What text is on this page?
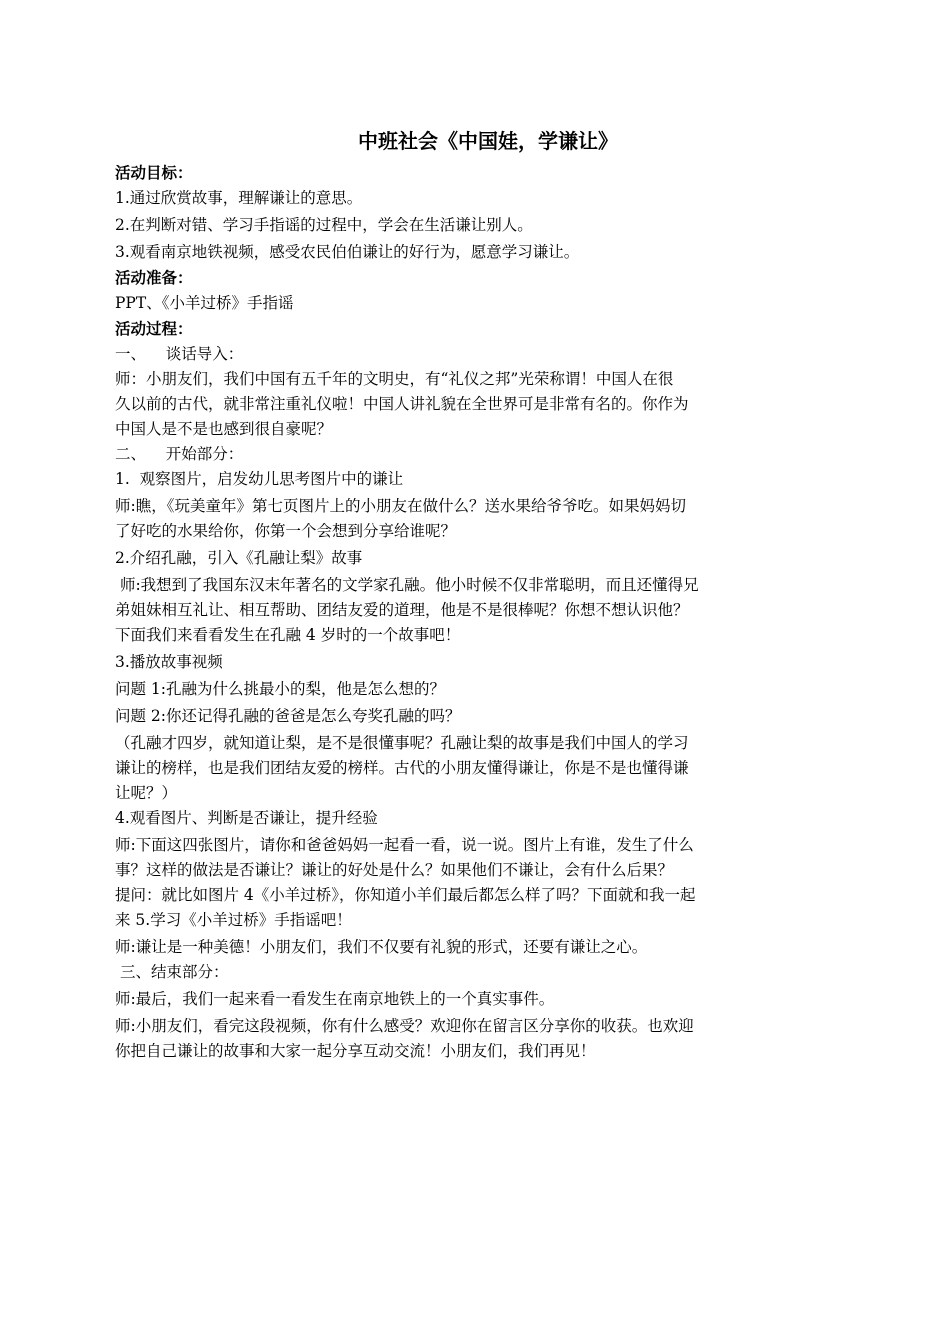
中班社会《中国娃，学谦让》

活动目标：

1.通过欣赏故事，理解谦让的意思。

2.在判断对错、学习手指谣的过程中，学会在生活谦让别人。

3.观看南京地铁视频，感受农民伯伯谦让的好行为，愿意学习谦让。

活动准备：

PPT、《小羊过桥》手指谣

活动过程：

一、    谈话导入：

师：小朋友们，我们中国有五千年的文明史，有“礼仪之邦”光荣称谓！中国人在很

久以前的古代，就非常注重礼仪啦！中国人讲礼貌在全世界可是非常有名的。你作为

中国人是不是也感到很自豪呢？

二、    开始部分：

1.  观察图片，启发幼儿思考图片中的谦让

师:瞧，《玩美童年》第七页图片上的小朋友在做什么？送水果给爷爷吃。如果妈妈切

了好吃的水果给你，你第一个会想到分享给谁呢？

2.介绍孔融，引入《孔融让梨》故事

师:我想到了我国东汉末年著名的文学家孔融。他小时候不仅非常聪明，而且还懂得兄

弟姐妹相互礼让、相互帮助、团结友爱的道理，他是不是很棒呢？你想不想认识他？

下面我们来看看发生在孔融 4 岁时的一个故事吧！

3.播放故事视频

问题 1:孔融为什么挑最小的梨，他是怎么想的？

问题 2:你还记得孔融的爸爸是怎么夸奖孔融的吗？

（孔融才四岁，就知道让梨，是不是很懂事呢？孔融让梨的故事是我们中国人的学习

谦让的榜样，也是我们团结友爱的榜样。古代的小朋友懂得谦让，你是不是也懂得谦

让呢？）

4.观看图片、判断是否谦让，提升经验

师:下面这四张图片，请你和爸爸妈妈一起看一看，说一说。图片上有谁，发生了什么

事？这样的做法是否谦让？谦让的好处是什么？如果他们不谦让，会有什么后果？

提问：就比如图片 4《小羊过桥》，你知道小羊们最后都怎么样了吗？下面就和我一起

来 5.学习《小羊过桥》手指谣吧！

师:谦让是一种美德！小朋友们，我们不仅要有礼貌的形式，还要有谦让之心。

三、结束部分：

师:最后，我们一起来看一看发生在南京地铁上的一个真实事件。

师:小朋友们，看完这段视频，你有什么感受？欢迎你在留言区分享你的收获。也欢迎

你把自己谦让的故事和大家一起分享互动交流！小朋友们，我们再见！
